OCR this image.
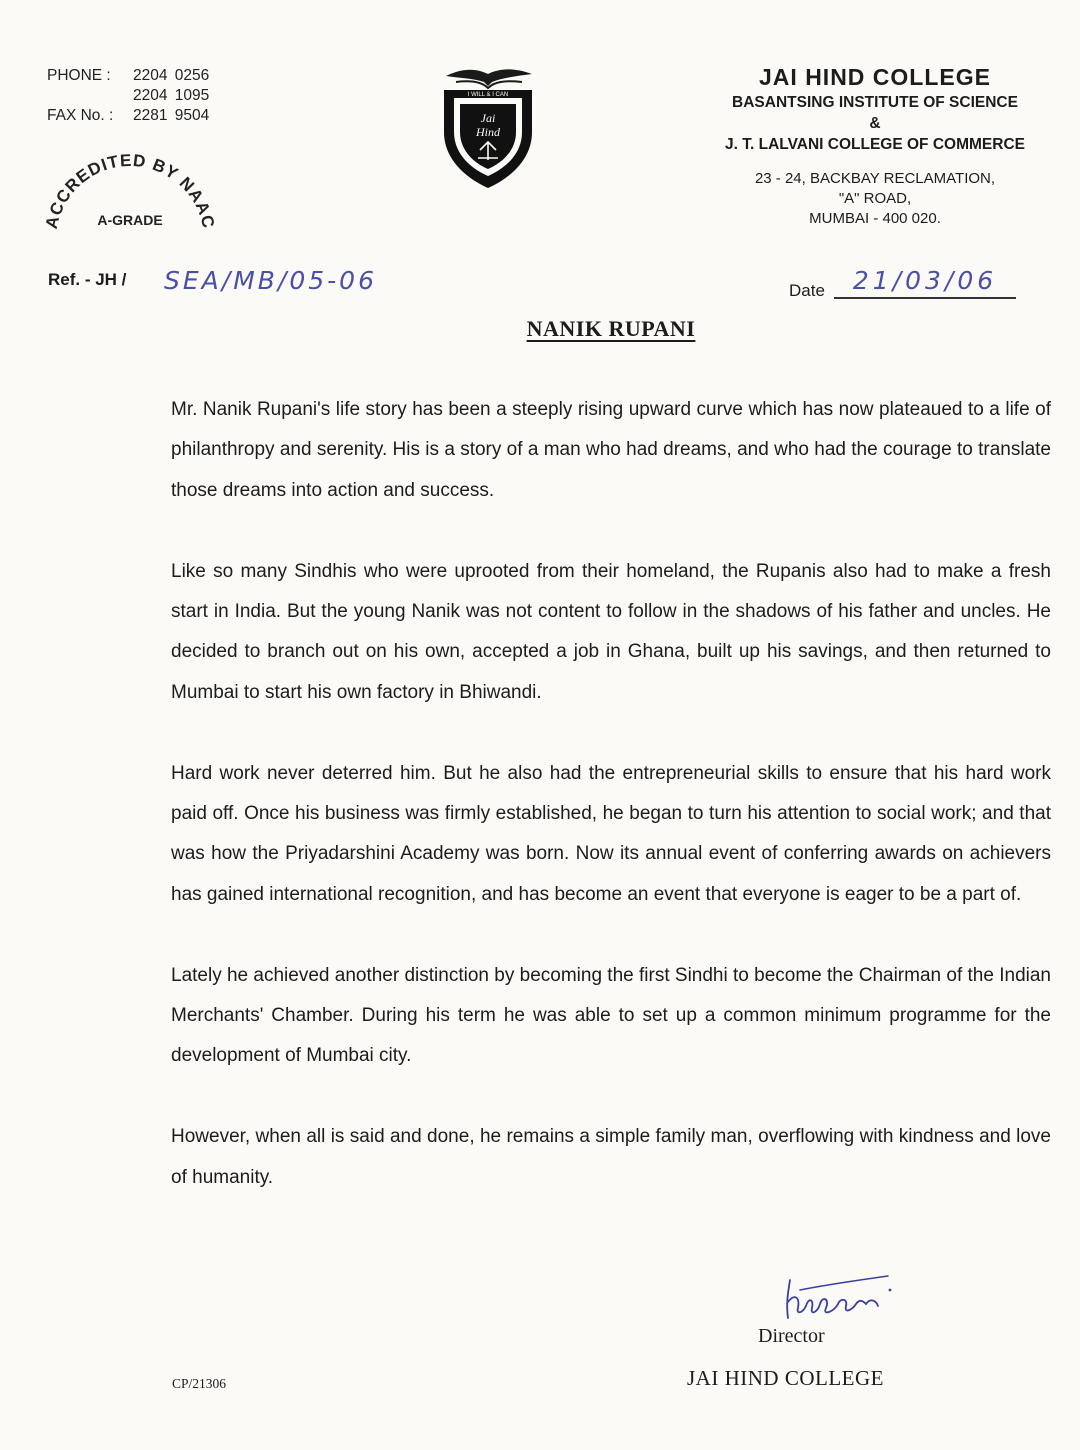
PHONE :	2204 0256
2204 1095
FAX No. :	2281 9504
ACCREDITED BY NAAC
A-GRADE
I WILL & I CAN
Jai
Hind
JAI HIND COLLEGE
BASANTSING INSTITUTE OF SCIENCE
&
J. T. LALVANI COLLEGE OF COMMERCE
23 - 24, BACKBAY RECLAMATION,
"A" ROAD,
MUMBAI - 400 020.
Ref. - JH / SEA/MB/05-06	Date	21/03/06
NANIK RUPANI

Mr. Nanik Rupani's life story has been a steeply rising upward curve which has now plateaued to a life of philanthropy and serenity. His is a story of a man who had dreams, and who had the courage to translate those dreams into action and success.

Like so many Sindhis who were uprooted from their homeland, the Rupanis also had to make a fresh start in India. But the young Nanik was not content to follow in the shadows of his father and uncles. He decided to branch out on his own, accepted a job in Ghana, built up his savings, and then returned to Mumbai to start his own factory in Bhiwandi.

Hard work never deterred him. But he also had the entrepreneurial skills to ensure that his hard work paid off. Once his business was firmly established, he began to turn his attention to social work; and that was how the Priyadarshini Academy was born. Now its annual event of conferring awards on achievers has gained international recognition, and has become an event that everyone is eager to be a part of.

Lately he achieved another distinction by becoming the first Sindhi to become the Chairman of the Indian Merchants' Chamber. During his term he was able to set up a common minimum programme for the development of Mumbai city.

However, when all is said and done, he remains a simple family man, overflowing with kindness and love of humanity.

Director
JAI HIND COLLEGE
CP/21306
